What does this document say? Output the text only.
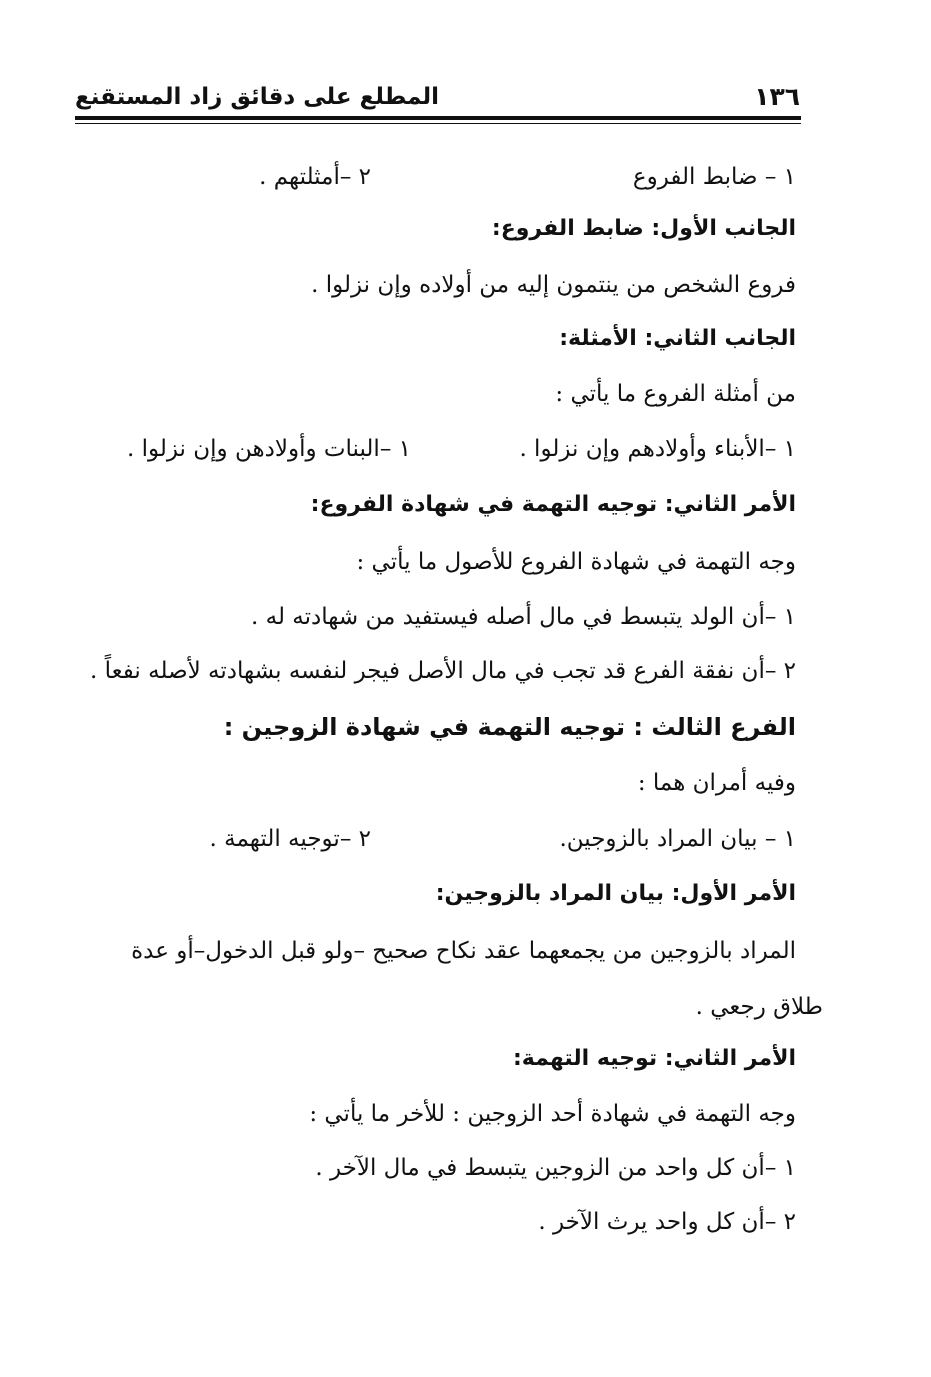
١٣٦
المطلع على دقائق زاد المستقنع
١ – ضابط الفروع
٢ –أمثلتهم .
الجانب الأول: ضابط الفروع:
فروع الشخص من ينتمون إليه من أولاده وإن نزلوا .
الجانب الثاني: الأمثلة:
من أمثلة الفروع ما يأتي :
١ –الأبناء وأولادهم وإن نزلوا .
١ –البنات وأولادهن وإن نزلوا .
الأمر الثاني: توجيه التهمة في شهادة الفروع:
وجه التهمة في شهادة الفروع للأصول ما يأتي :
١ –أن الولد يتبسط في مال أصله فيستفيد من شهادته له .
٢ –أن نفقة الفرع قد تجب في مال الأصل فيجر لنفسه بشهادته لأصله نفعاً .
الفرع الثالث : توجيه التهمة في شهادة الزوجين :
وفيه أمران هما :
١ – بيان المراد بالزوجين.
٢ –توجيه التهمة .
الأمر الأول: بيان المراد بالزوجين:
المراد بالزوجين من يجمعهما عقد نكاح صحيح –ولو قبل الدخول–أو عدة
طلاق رجعي .
الأمر الثاني: توجيه التهمة:
وجه التهمة في شهادة أحد الزوجين : للأخر ما يأتي :
١ –أن كل واحد من الزوجين يتبسط في مال الآخر .
٢ –أن كل واحد يرث الآخر .
